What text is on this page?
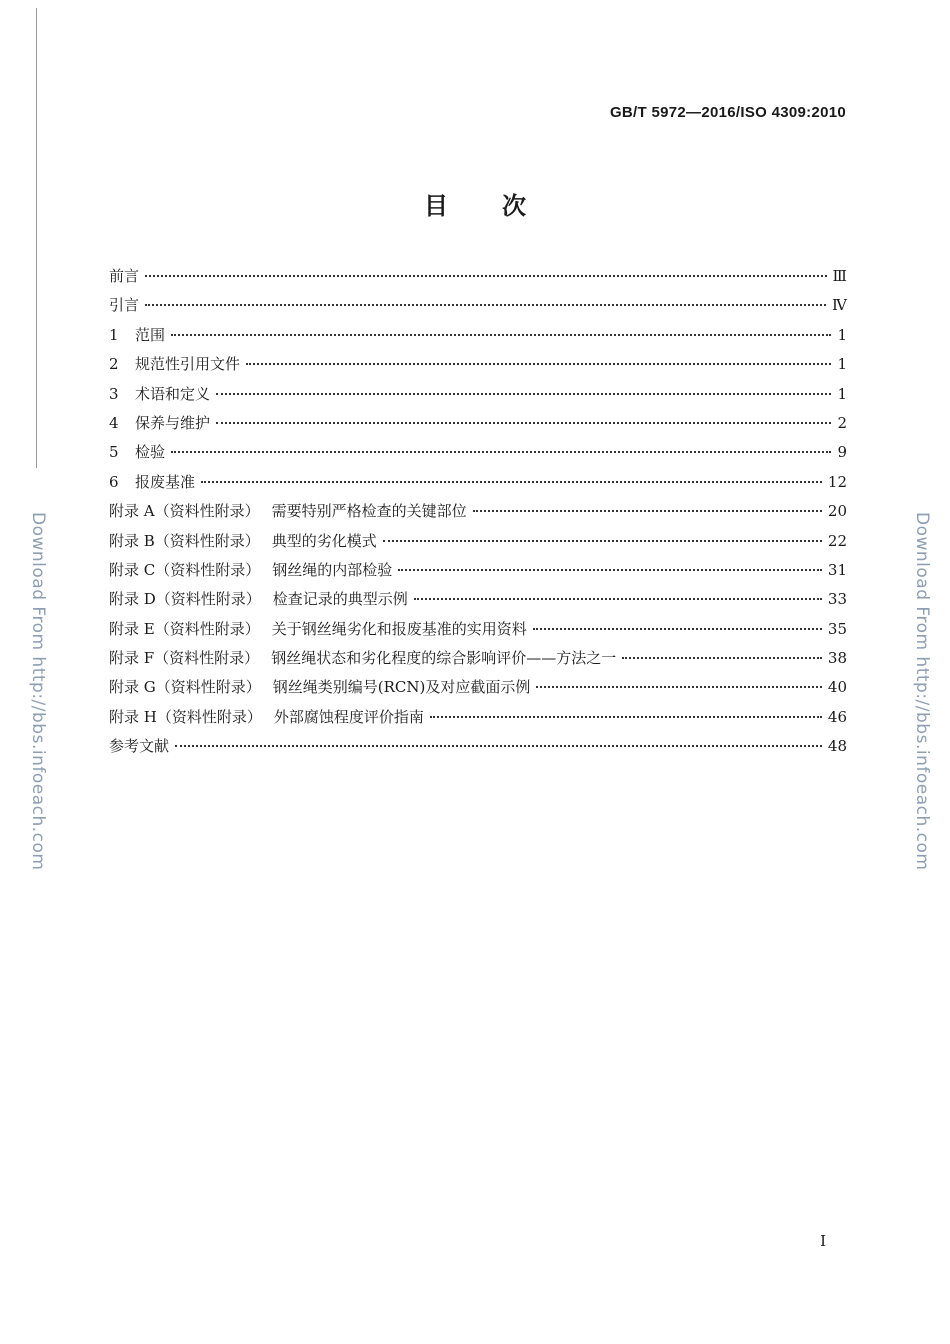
Download From http://bbs.infoeach.com	Download From http://bbs.infoeach.com
GB/T 5972—2016/ISO 4309:2010
目 次
前言	Ⅲ
引言	Ⅳ
1 范围	1
2 规范性引用文件	1
3 术语和定义	1
4 保养与维护	2
5 检验	9
6 报废基准	12
附录 A（资料性附录） 需要特别严格检查的关键部位	20
附录 B（资料性附录） 典型的劣化模式	22
附录 C（资料性附录） 钢丝绳的内部检验	31
附录 D（资料性附录） 检查记录的典型示例	33
附录 E（资料性附录） 关于钢丝绳劣化和报废基准的实用资料	35
附录 F（资料性附录） 钢丝绳状态和劣化程度的综合影响评价——方法之一	38
附录 G（资料性附录） 钢丝绳类别编号(RCN)及对应截面示例	40
附录 H（资料性附录） 外部腐蚀程度评价指南	46
参考文献	48
I
